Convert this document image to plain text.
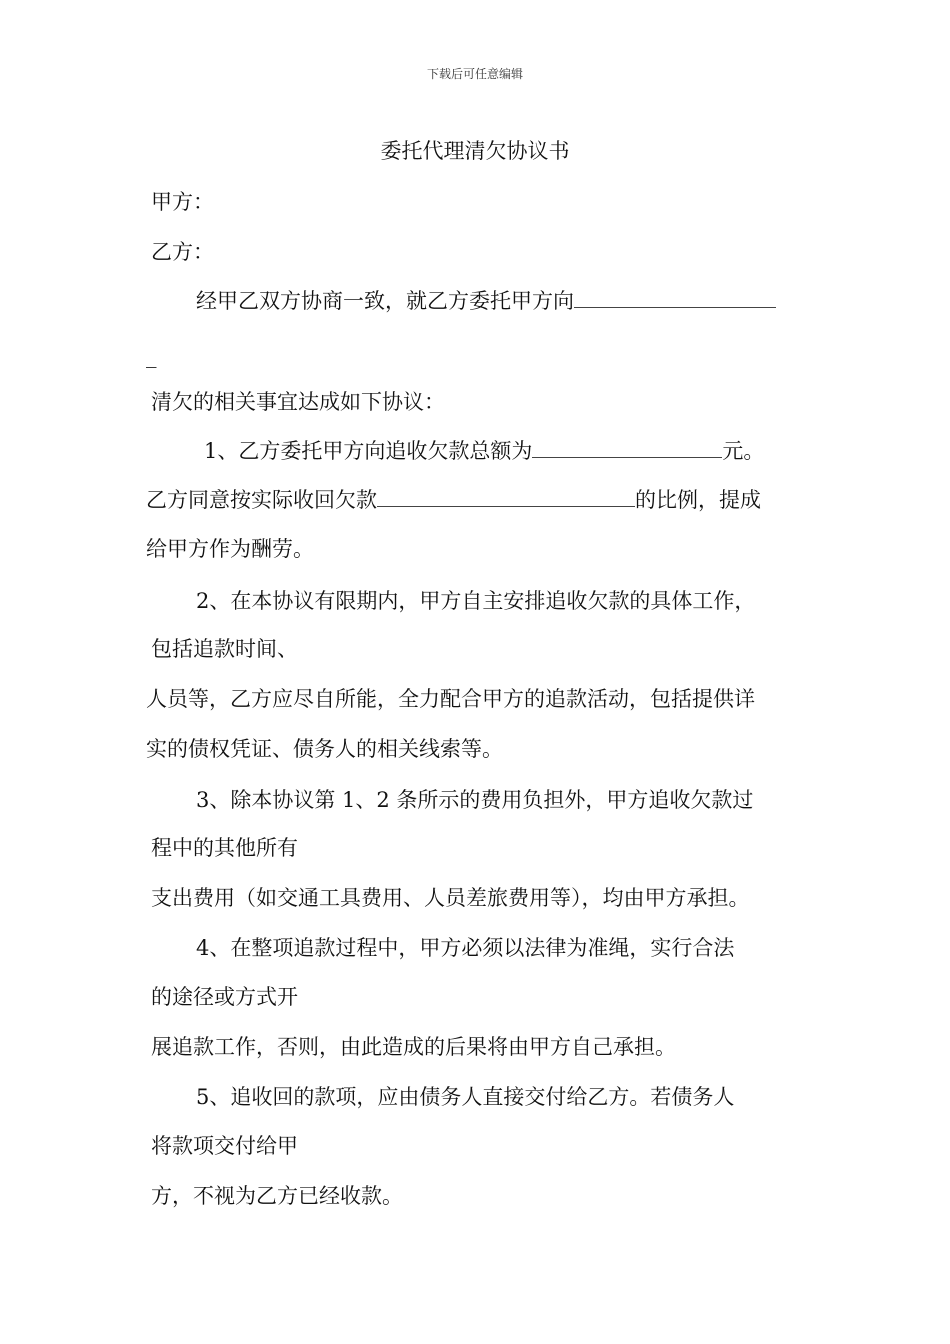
下载后可任意编辑
委托代理清欠协议书
甲方：
乙方：
经甲乙双方协商一致，就乙方委托甲方向
_
清欠的相关事宜达成如下协议：
1、乙方委托甲方向追收欠款总额为	元。
乙方同意按实际收回欠款	的比例，提成
给甲方作为酬劳。
2、在本协议有限期内，甲方自主安排追收欠款的具体工作，
包括追款时间、
人员等，乙方应尽自所能，全力配合甲方的追款活动，包括提供详
实的债权凭证、债务人的相关线索等。
3、除本协议第 1、2 条所示的费用负担外，甲方追收欠款过
程中的其他所有
支出费用（如交通工具费用、人员差旅费用等），均由甲方承担。
4、在整项追款过程中，甲方必须以法律为准绳，实行合法
的途径或方式开
展追款工作，否则，由此造成的后果将由甲方自己承担。
5、追收回的款项，应由债务人直接交付给乙方。若债务人
将款项交付给甲
方，不视为乙方已经收款。
